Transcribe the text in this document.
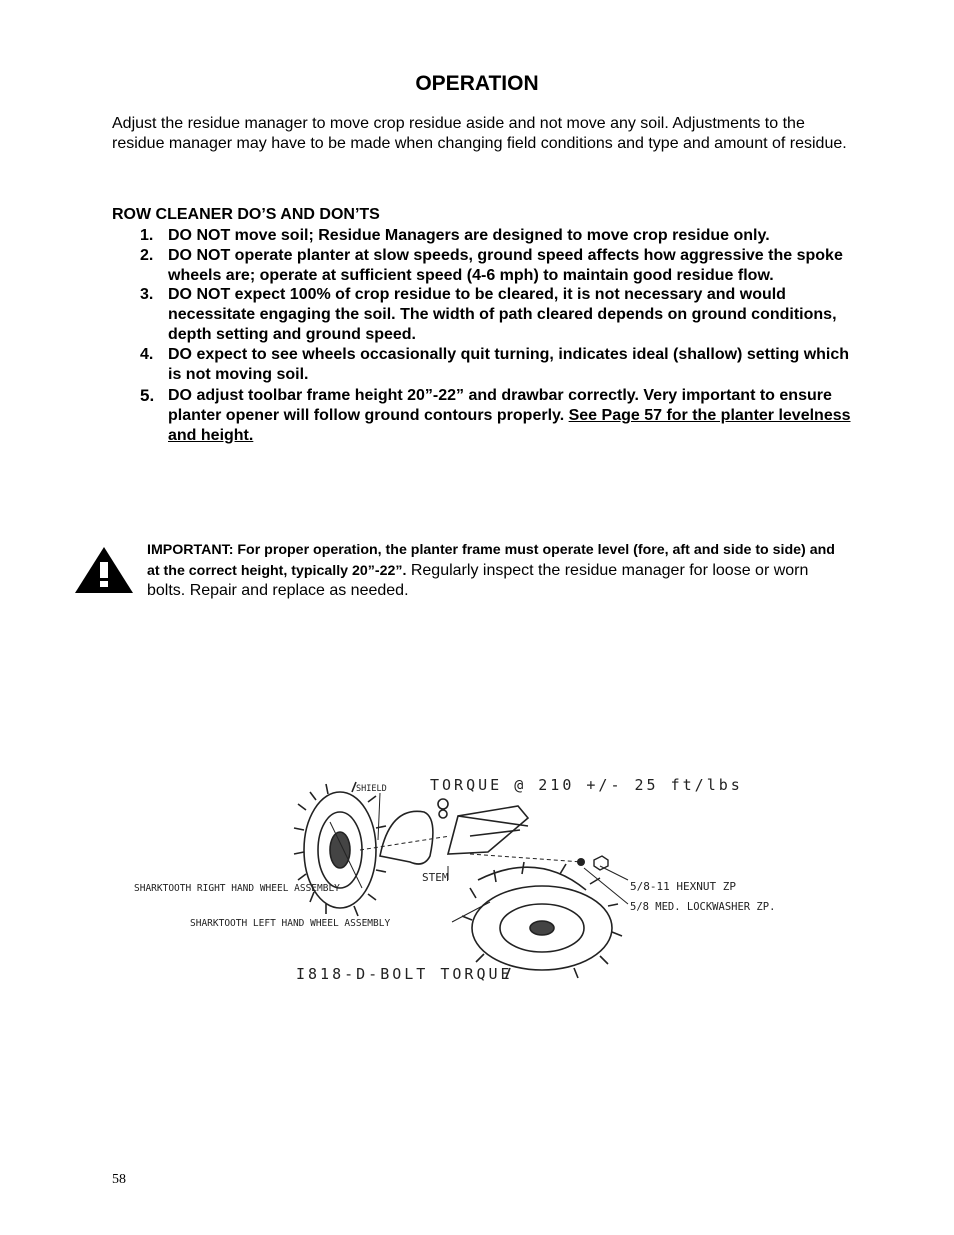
OPERATION
Adjust the residue manager to move crop residue aside and not move any soil. Adjustments to the residue manager may have to be made when changing field conditions and type and amount of residue.
ROW CLEANER DO’S AND DON’TS
1. DO NOT move soil; Residue Managers are designed to move crop residue only.
2. DO NOT operate planter at slow speeds, ground speed affects how aggressive the spoke wheels are; operate at sufficient speed (4-6 mph) to maintain good residue flow.
3. DO NOT expect 100% of crop residue to be cleared, it is not necessary and would necessitate engaging the soil. The width of path cleared depends on ground conditions, depth setting and ground speed.
4. DO expect to see wheels occasionally quit turning, indicates ideal (shallow) setting which is not moving soil.
5. DO adjust toolbar frame height 20”-22” and drawbar correctly. Very important to ensure planter opener will follow ground contours properly. See Page 57 for the planter levelness and height.
IMPORTANT: For proper operation, the planter frame must operate level (fore, aft and side to side) and at the correct height, typically 20”-22”. Regularly inspect the residue manager for loose or worn bolts. Repair and replace as needed.
TORQUE @ 210 +/- 25 ft/lbs
SHIELD
STEM
SHARKTOOTH RIGHT HAND WHEEL ASSEMBLY
SHARKTOOTH LEFT HAND WHEEL ASSEMBLY
5/8-11 HEXNUT ZP
5/8 MED. LOCKWASHER ZP.
I818-D-BOLT TORQUE
58
